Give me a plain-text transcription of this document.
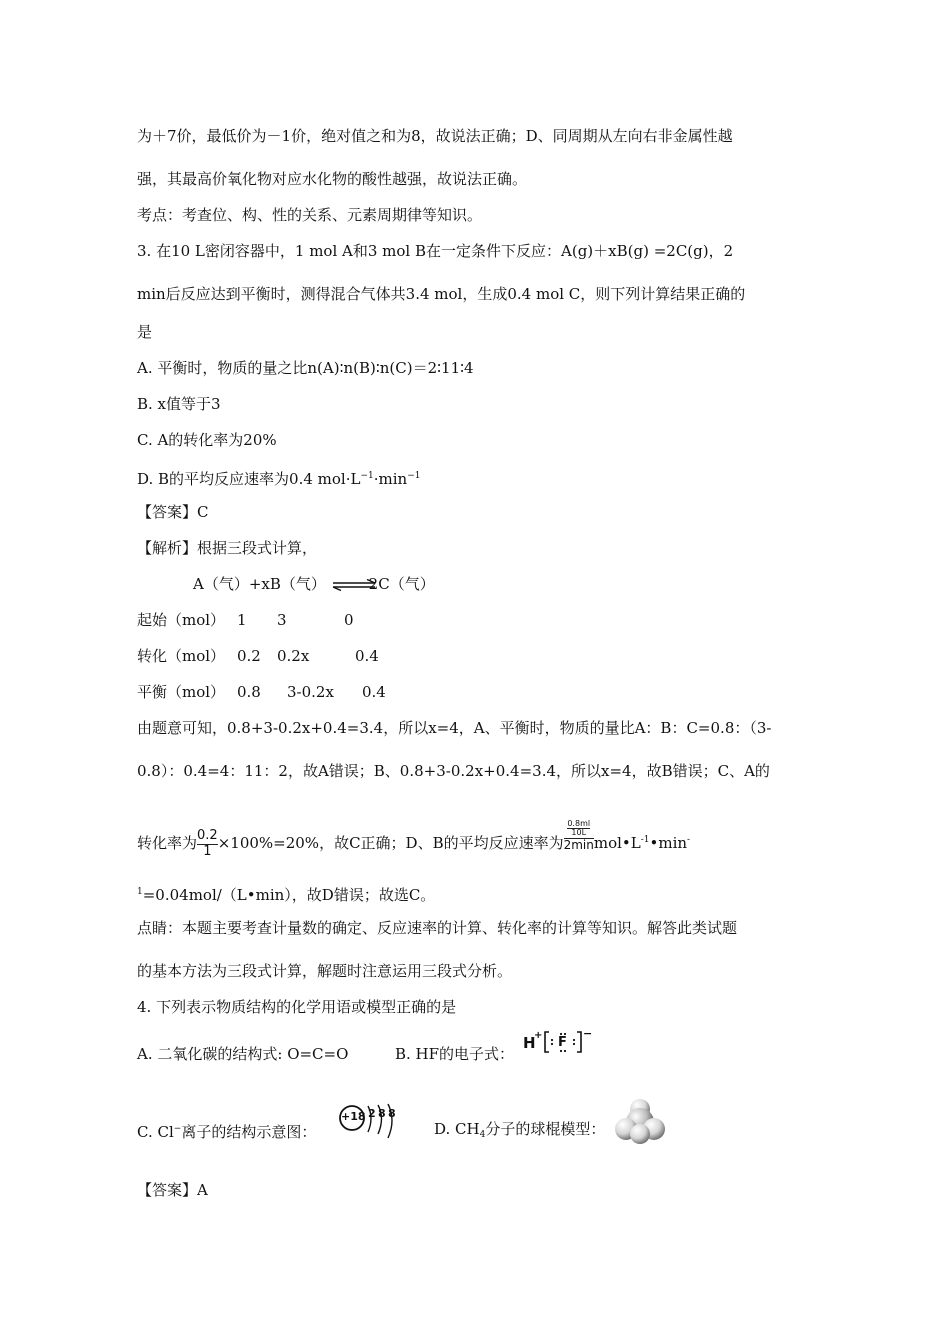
为＋7价，最低价为－1价，绝对值之和为8，故说法正确；D、同周期从左向右非金属性越
强，其最高价氧化物对应水化物的酸性越强，故说法正确。
考点：考查位、构、性的关系、元素周期律等知识。
3. 在10 L密闭容器中，1 mol A和3 mol B在一定条件下反应：A(g)＋xB(g) =2C(g)，2
min后反应达到平衡时，测得混合气体共3.4 mol，生成0.4 mol C，则下列计算结果正确的
是
A. 平衡时，物质的量之比n(A)∶n(B)∶n(C)＝2∶11∶4
B. x值等于3
C. A的转化率为20%
D. B的平均反应速率为0.4 $mol\cdot L^{-1}\cdot\min^{-1}$
【答案】C
【解析】根据三段式计算，
A（气）+xB（气） ⇌2C（气）
起始（mol） 1 3	0
转化（mol） 0.2 0.2x	0.4
平衡（mol） 0.8 3-0.2x 0.4
由题意可知，0.8+3-0.2x+0.4=3.4，所以x=4，A、平衡时，物质的量比A：B：C=0.8：（3-
0.8）：0.4=4：11：2，故A错误；B、0.8+3-0.2x+0.4=3.4，所以x=4，故B错误；C、A的
转化率为 $\frac{0.2}{1} \times 100\%=20\%$，故C正确；D、B的平均反应速率为 $\frac{\frac{0.8ml}{10L}}{2\min}$ $mol•L^{-1}•\min^-$
$^1$=0.04mol/（L•min），故D错误；故选C。
点睛：本题主要考查计量数的确定、反应速率的计算、转化率的计算等知识。解答此类试题
的基本方法为三段式计算，解题时注意运用三段式分析。
4. 下列表示物质结构的化学用语或模型正确的是
A. 二氧化碳的结构式: O=C=O	B. HF的电子式：
H
+ F
−
C. Cl−离子的结构示意图：
+18 2 8 8
D. $CH_4$分子的球棍模型：
【答案】A
